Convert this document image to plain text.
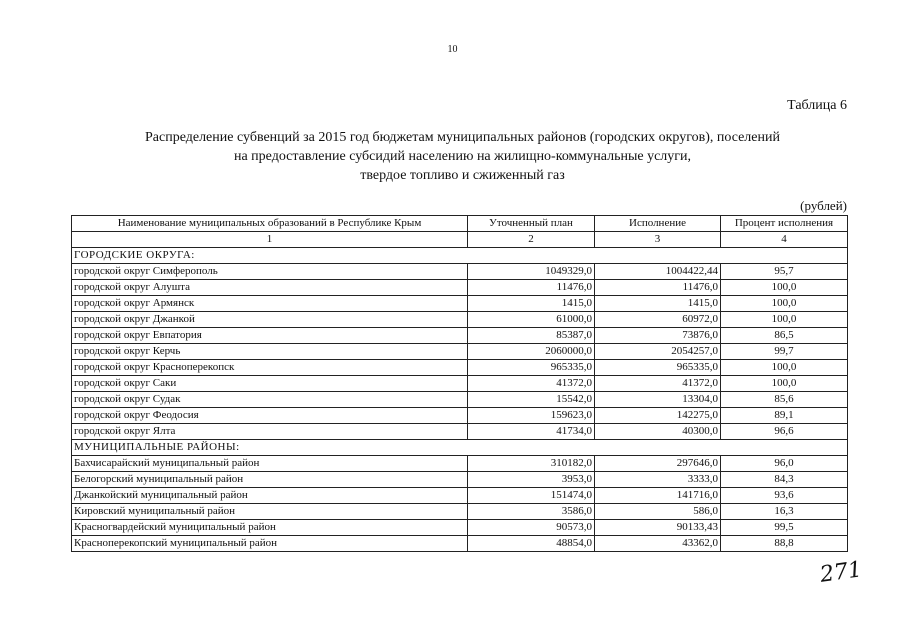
10
Таблица 6
Распределение субвенций за 2015 год бюджетам муниципальных районов (городских округов), поселений
на предоставление субсидий населению на жилищно-коммунальные услуги,
твердое топливо и сжиженный газ
(рублей)
Наименование муниципальных образований в Республике Крым	Уточненный план	Исполнение	Процент исполнения
1	2	3	4
ГОРОДСКИЕ ОКРУГА:			
городской округ Симферополь	1049329,0	1004422,44	95,7
городской округ Алушта	11476,0	11476,0	100,0
городской округ Армянск	1415,0	1415,0	100,0
городской округ Джанкой	61000,0	60972,0	100,0
городской округ Евпатория	85387,0	73876,0	86,5
городской округ Керчь	2060000,0	2054257,0	99,7
городской округ Красноперекопск	965335,0	965335,0	100,0
городской округ Саки	41372,0	41372,0	100,0
городской округ Судак	15542,0	13304,0	85,6
городской округ Феодосия	159623,0	142275,0	89,1
городской округ Ялта	41734,0	40300,0	96,6
МУНИЦИПАЛЬНЫЕ РАЙОНЫ:			
Бахчисарайский муниципальный район	310182,0	297646,0	96,0
Белогорский муниципальный район	3953,0	3333,0	84,3
Джанкойский муниципальный район	151474,0	141716,0	93,6
Кировский муниципальный район	3586,0	586,0	16,3
Красногвардейский муниципальный район	90573,0	90133,43	99,5
Красноперекопский муниципальный район	48854,0	43362,0	88,8
271
